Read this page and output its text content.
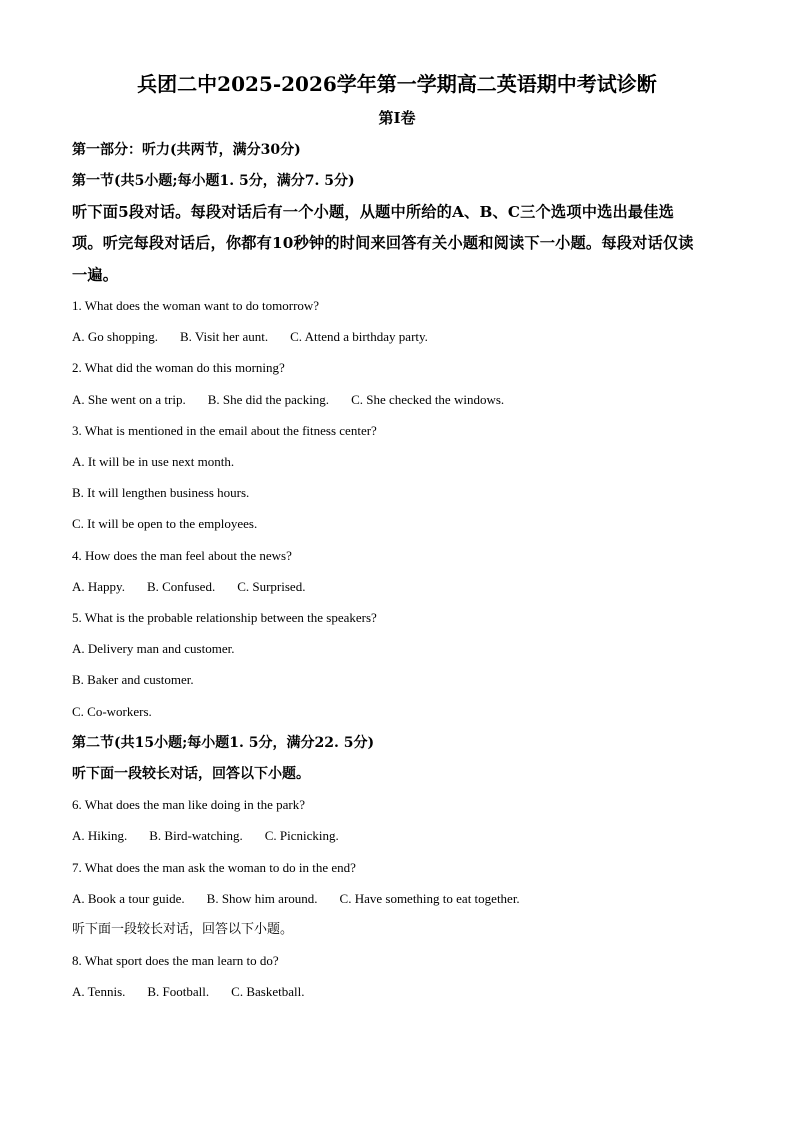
兵团二中2025-2026学年第一学期高二英语期中考试诊断
第I卷
第一部分：听力(共两节，满分30分)
第一节(共5小题;每小题1. 5分，满分7. 5分)
听下面5段对话。每段对话后有一个小题，从题中所给的A、B、C三个选项中选出最佳选
项。听完每段对话后，你都有10秒钟的时间来回答有关小题和阅读下一小题。每段对话仅读
一遍。
1. What does the woman want to do tomorrow?
A. Go shopping. B. Visit her aunt. C. Attend a birthday party.
2. What did the woman do this morning?
A. She went on a trip. B. She did the packing. C. She checked the windows.
3. What is mentioned in the email about the fitness center?
A. It will be in use next month.
B. It will lengthen business hours.
C. It will be open to the employees.
4. How does the man feel about the news?
A. Happy. B. Confused. C. Surprised.
5. What is the probable relationship between the speakers?
A. Delivery man and customer.
B. Baker and customer.
C. Co-workers.
第二节(共15小题;每小题1. 5分，满分22. 5分)
听下面一段较长对话，回答以下小题。
6. What does the man like doing in the park?
A. Hiking. B. Bird-watching. C. Picnicking.
7. What does the man ask the woman to do in the end?
A. Book a tour guide. B. Show him around. C. Have something to eat together.
听下面一段较长对话，回答以下小题。
8. What sport does the man learn to do?
A. Tennis. B. Football. C. Basketball.
